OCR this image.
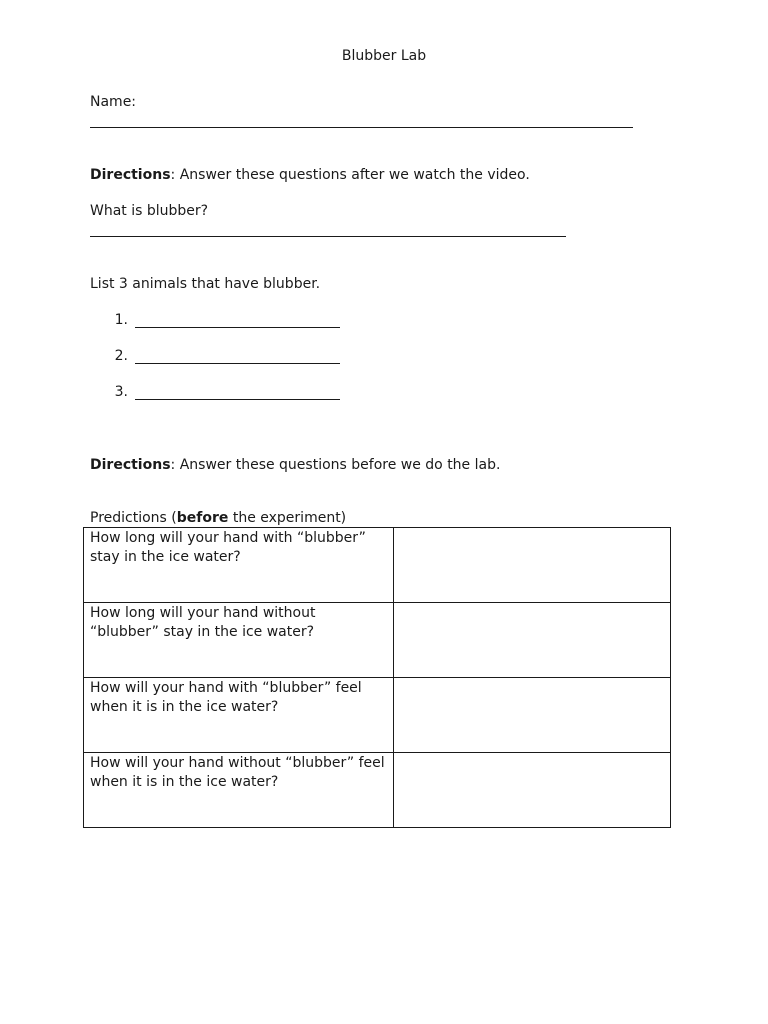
Blubber Lab
Name:
Directions: Answer these questions after we watch the video.
What is blubber?
List 3 animals that have blubber.
1.
2.
3.
Directions: Answer these questions before we do the lab.
Predictions (before the experiment)
How long will your hand with “blubber” stay in the ice water?	
How long will your hand without “blubber” stay in the ice water?	
How will your hand with “blubber” feel when it is in the ice water?	
How will your hand without “blubber” feel when it is in the ice water?	
